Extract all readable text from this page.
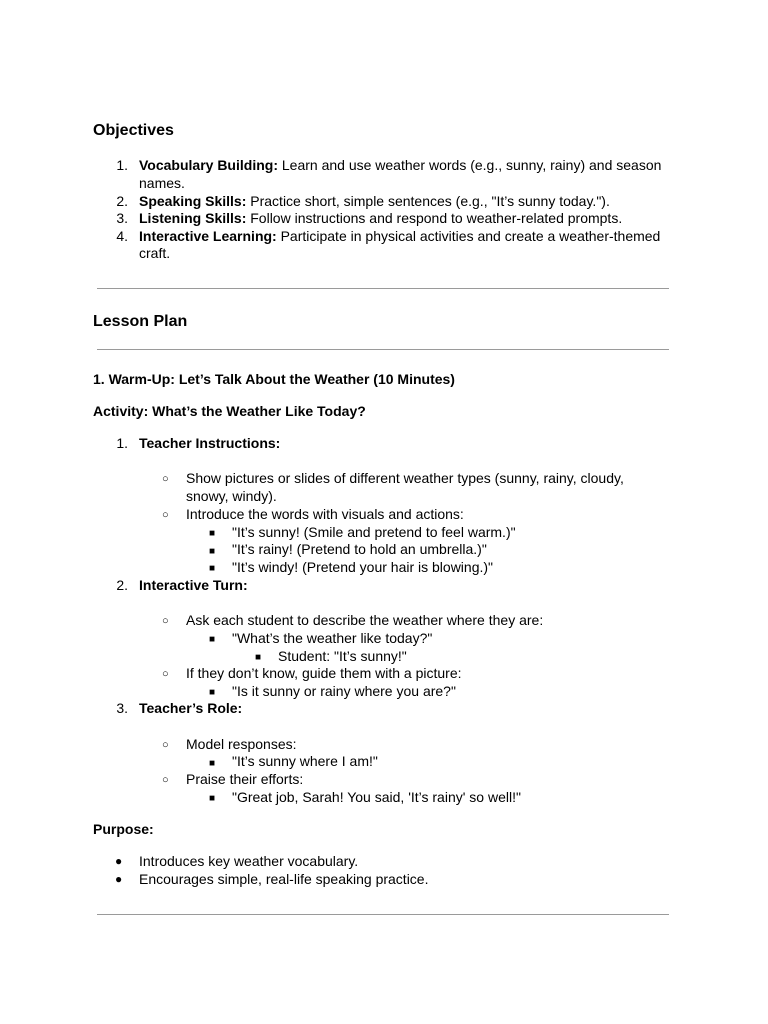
Objectives
1. Vocabulary Building: Learn and use weather words (e.g., sunny, rainy) and season
names.
2. Speaking Skills: Practice short, simple sentences (e.g., "It’s sunny today.").
3. Listening Skills: Follow instructions and respond to weather-related prompts.
4. Interactive Learning: Participate in physical activities and create a weather-themed
craft.
Lesson Plan
1. Warm-Up: Let’s Talk About the Weather (10 Minutes)
Activity: What’s the Weather Like Today?
1. Teacher Instructions:
○ Show pictures or slides of different weather types (sunny, rainy, cloudy,
snowy, windy).
○ Introduce the words with visuals and actions:
■ "It’s sunny! (Smile and pretend to feel warm.)"
■ "It’s rainy! (Pretend to hold an umbrella.)"
■ "It’s windy! (Pretend your hair is blowing.)"
2. Interactive Turn:
○ Ask each student to describe the weather where they are:
■ "What’s the weather like today?"
■ Student: "It’s sunny!"
○ If they don’t know, guide them with a picture:
■ "Is it sunny or rainy where you are?"
3. Teacher’s Role:
○ Model responses:
■ "It’s sunny where I am!"
○ Praise their efforts:
■ "Great job, Sarah! You said, 'It’s rainy' so well!"
Purpose:
● Introduces key weather vocabulary.
● Encourages simple, real-life speaking practice.
